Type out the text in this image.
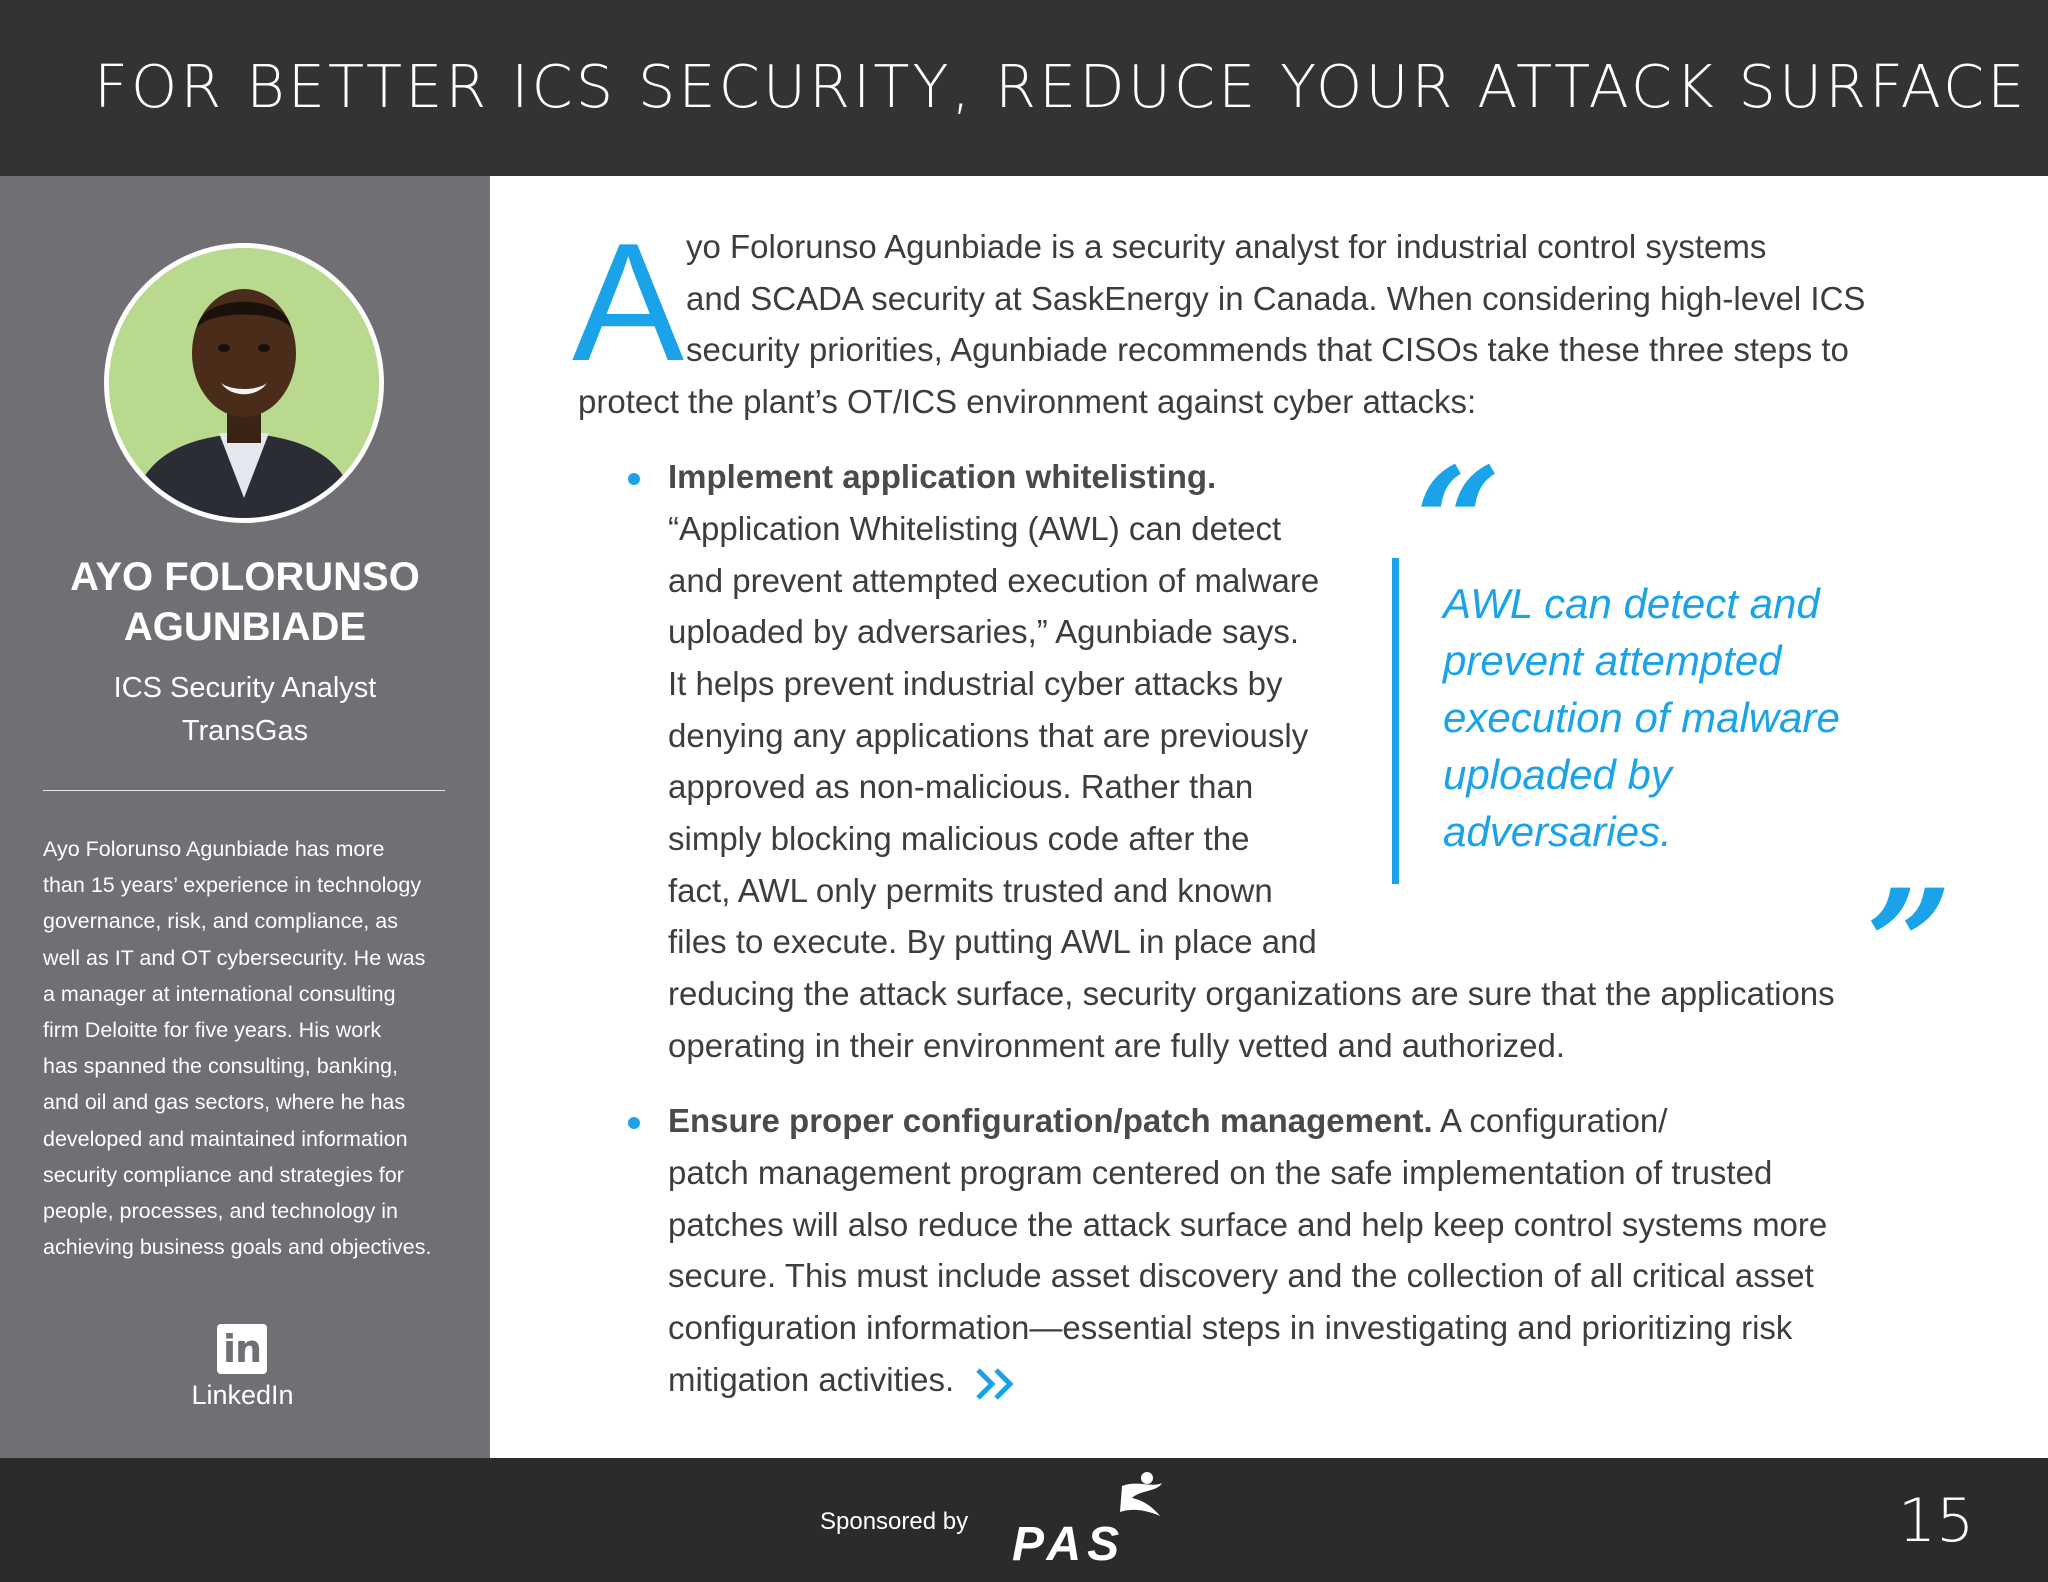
FOR BETTER ICS SECURITY, REDUCE YOUR ATTACK SURFACE
AYO FOLORUNSO
AGUNBIADE
ICS Security Analyst
TransGas
Ayo Folorunso Agunbiade has more
than 15 years’ experience in technology
governance, risk, and compliance, as
well as IT and OT cybersecurity. He was
a manager at international consulting
firm Deloitte for five years. His work
has spanned the consulting, banking,
and oil and gas sectors, where he has
developed and maintained information
security compliance and strategies for
people, processes, and technology in
achieving business goals and objectives.
in
LinkedIn
A yo Folorunso Agunbiade is a security analyst for industrial control systems
and SCADA security at SaskEnergy in Canada. When considering high-level ICS
security priorities, Agunbiade recommends that CISOs take these three steps to
protect the plant’s OT/ICS environment against cyber attacks:
Implement application whitelisting.
“Application Whitelisting (AWL) can detect
and prevent attempted execution of malware
uploaded by adversaries,” Agunbiade says.
It helps prevent industrial cyber attacks by
denying any applications that are previously
approved as non-malicious. Rather than
simply blocking malicious code after the
fact, AWL only permits trusted and known
files to execute. By putting AWL in place and
reducing the attack surface, security organizations are sure that the applications
operating in their environment are fully vetted and authorized.
“
AWL can detect and
prevent attempted
execution of malware
uploaded by
adversaries.
”
Ensure proper configuration/patch management. A configuration/
patch management program centered on the safe implementation of trusted
patches will also reduce the attack surface and help keep control systems more
secure. This must include asset discovery and the collection of all critical asset
configuration information—essential steps in investigating and prioritizing risk
mitigation activities.
Sponsored by PAS	15
